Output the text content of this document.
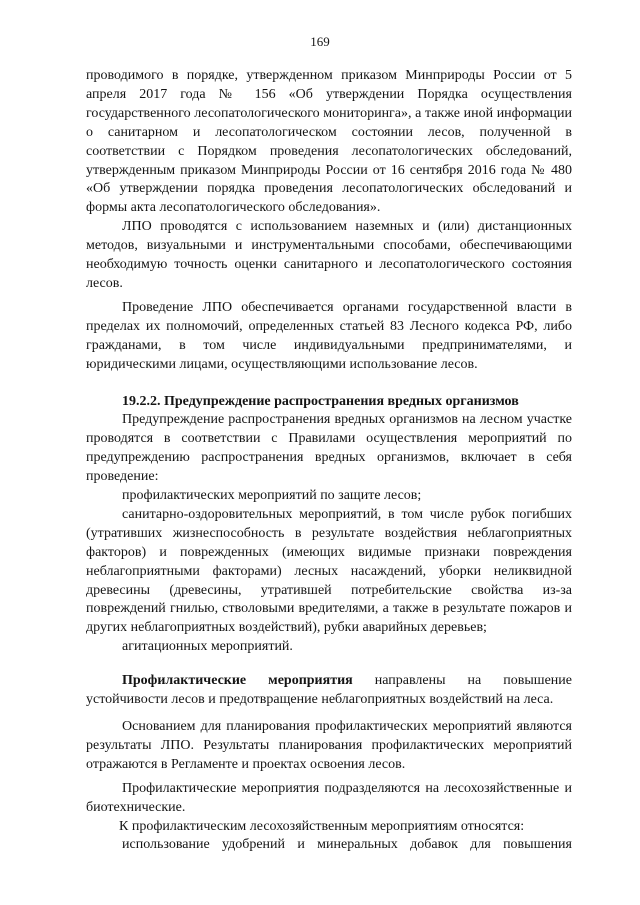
169

проводимого в порядке, утвержденном приказом Минприроды России от 5 апреля 2017 года № 156 «Об утверждении Порядка осуществления государственного лесопатологического мониторинга», а также иной информации о санитарном и лесопатологическом состоянии лесов, полученной в соответствии с Порядком проведения лесопатологических обследований, утвержденным приказом Минприроды России от 16 сентября 2016 года № 480 «Об утверждении порядка проведения лесопатологических обследований и формы акта лесопатологического обследования».

ЛПО проводятся с использованием наземных и (или) дистанционных методов, визуальными и инструментальными способами, обеспечивающими необходимую точность оценки санитарного и лесопатологического состояния лесов.

Проведение ЛПО обеспечивается органами государственной власти в пределах их полномочий, определенных статьей 83 Лесного кодекса РФ, либо гражданами, в том числе индивидуальными предпринимателями, и юридическими лицами, осуществляющими использование лесов.

19.2.2. Предупреждение распространения вредных организмов

Предупреждение распространения вредных организмов на лесном участке проводятся в соответствии с Правилами осуществления мероприятий по предупреждению распространения вредных организмов, включает в себя проведение:

профилактических мероприятий по защите лесов;

санитарно-оздоровительных мероприятий, в том числе рубок погибших (утративших жизнеспособность в результате воздействия неблагоприятных факторов) и поврежденных (имеющих видимые признаки повреждения неблагоприятными факторами) лесных насаждений, уборки неликвидной древесины (древесины, утратившей потребительские свойства из-за повреждений гнилью, стволовыми вредителями, а также в результате пожаров и других неблагоприятных воздействий), рубки аварийных деревьев;

агитационных мероприятий.

Профилактические мероприятия направлены на повышение устойчивости лесов и предотвращение неблагоприятных воздействий на леса.

Основанием для планирования профилактических мероприятий являются результаты ЛПО. Результаты планирования профилактических мероприятий отражаются в Регламенте и проектах освоения лесов.

Профилактические мероприятия подразделяются на лесохозяйственные и биотехнические.

К профилактическим лесохозяйственным мероприятиям относятся:

использование удобрений и минеральных добавок для повышения
